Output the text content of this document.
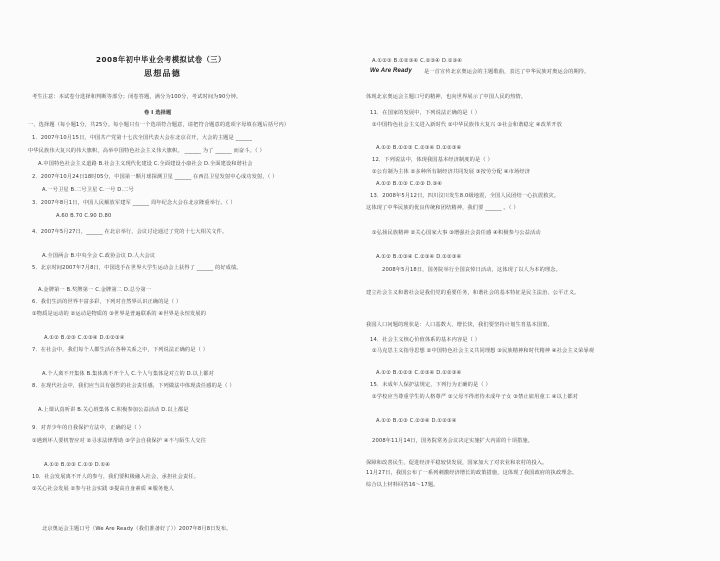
2008年初中毕业会考模拟试卷（三）
思想品德
考生注意：本试卷分选择和判断等部分；闭卷答题，满分为100分，考试时间为90分钟。
卷 I 选择题
一、选择题（每小题1分，共25分。每小题只有一个选项符合题意，请把符合题意的选项字母填在题后括号内）
1．2007年10月15日，中国共产党第十七次全国代表大会在北京召开，大会的主题是 ______
中华民族伟大复兴的伟大旗帜，高举中国特色社会主义伟大旗帜。 ______ 为了 ______ 而奋斗。（ ）
A.中国特色社会主义道路 B.社会主义现代化建设 C.全面建设小康社会 D.全面建设和谐社会
2．2007年10月24日18时05分，中国第一颗月球探测卫星 ______ 在西昌卫星发射中心成功发射。（ ）
A.一号卫星 B.二号卫星 C.一号 D.二号
3．2007年8月1日，中国人民解放军建军 ______ 周年纪念大会在北京隆重举行。（ ）
A.60 B.70 C.90 D.80
4．2007年5月27日，______ 在北京举行，会议讨论通过了党的十七大相关文件。
A.全国两会 B.中央全会 C.政协会议 D.人大会议
5．北京时间2007年7月8日，中国选手在世界大学生运动会上获得了 ______ 的好成绩。
A.金牌第一 B.奖牌第一 C.金牌第二 D.总分第一
6．我们生活的世界丰富多彩，下列对自然界认识正确的是（ ）
①物质是运动的 ②运动是物质的 ③世界是普遍联系的 ④世界是永恒发展的
A.①② B.②③ C.①③④ D.①②③④
7．在社会中，我们每个人都生活在各种关系之中，下列说法正确的是（ ）
A.个人离不开集体 B.集体离不开个人 C.个人与集体是对立的 D.以上都对
8．在现代社会中，我们应当具有强烈的社会责任感，下列做法中体现责任感的是（ ）
A.上课认真听讲 B.关心班集体 C.积极参加公益活动 D.以上都是
9．对青少年的自我保护方法中，正确的是（ ）
①遇到坏人要机智应对 ②寻求法律帮助 ③学会自我保护 ④不与陌生人交往
A.①② B.②③ C.①③ D.①④
10．社会发展离不开人的参与，我们要积极融入社会，承担社会责任。
①关心社会发展 ②参与社会实践 ③提高自身素质 ④服务他人
北京奥运会主题口号（We Are Ready（我们准备好了））2007年8月8日发布。
A.①②③ B.①②③④ C.②③④ D.①③④
We Are Ready 是一首宣传北京奥运会的主题歌曲，表达了中华民族对奥运会的期待。
体现北京奥运会主题口号的精神，也向世界展示了中国人民的热情。
11．在国家的发展中，下列说法正确的是（ ）
①中国特色社会主义进入新时代 ②中华民族伟大复兴 ③社会和谐稳定 ④改革开放
A.①② B.①②③ C.②③④ D.①②③④
12．下列说法中，体现我国基本经济制度的是（ ）
①公有制为主体 ②多种所有制经济共同发展 ③按劳分配 ④市场经济
A.①② B.①③ C.②③ D.③④
13．2008年5月12日，四川汶川发生8.0级地震，全国人民团结一心抗震救灾。
这体现了中华民族的优良传统和团结精神，我们要 ______ 。（ ）
①弘扬民族精神 ②关心国家大事 ③增强社会责任感 ④积极参与公益活动
A.①② B.①③④ C.②③④ D.①②③④
2008年5月18日，国务院举行全国哀悼日活动，这体现了以人为本的理念。
建立社会主义和谐社会是我们党的重要任务，和谐社会的基本特征是民主法治、公平正义。
我国人口问题的现状是：人口基数大、增长快，我们要坚持计划生育基本国策。
14．社会主义核心价值体系的基本内容是（ ）
①马克思主义指导思想 ②中国特色社会主义共同理想 ③民族精神和时代精神 ④社会主义荣辱观
A.①② B.①②③ C.②③④ D.①②③④
15．未成年人保护法规定，下列行为正确的是（ ）
①学校应当尊重学生的人格尊严 ②父母不得虐待未成年子女 ③禁止雇用童工 ④以上都对
A.①② B.①③ C.②③④ D.①②③④
2008年11月14日，国务院常务会议决定实施扩大内需的十项措施。
保障和改善民生，促进经济平稳较快发展，国家加大了对农业和农村的投入。
11月27日，我国公布了一系列刺激经济增长的政策措施，这体现了我国政府的执政理念。
综合以上材料回答16～17题。
